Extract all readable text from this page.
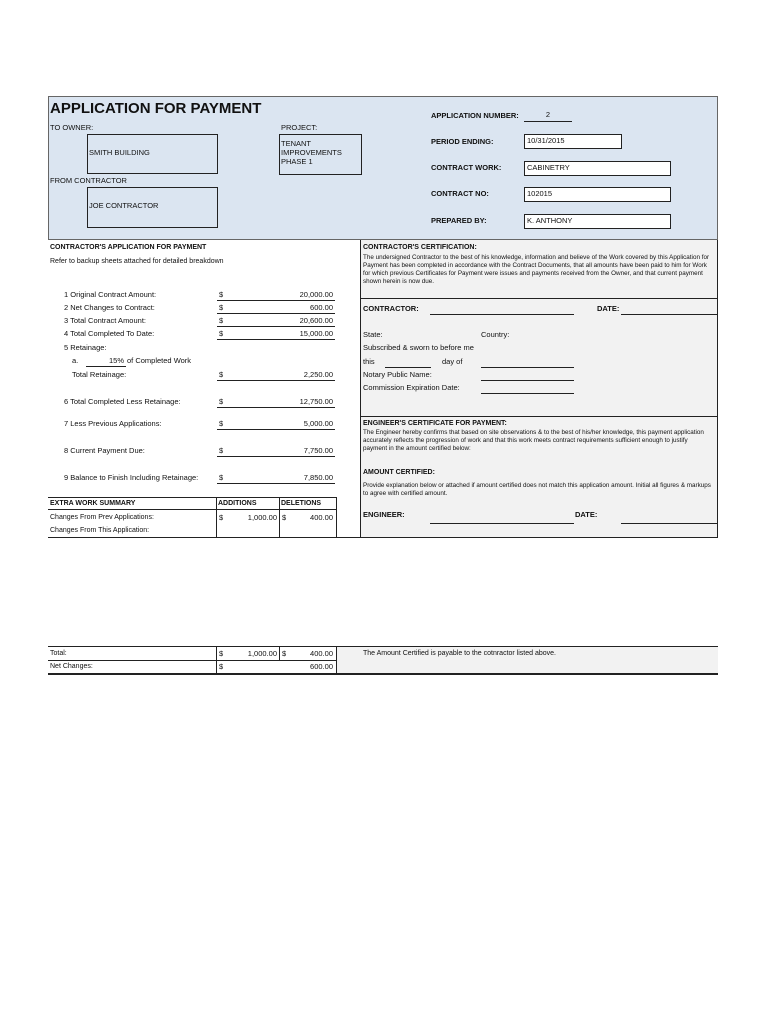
APPLICATION FOR PAYMENT
TO OWNER:
SMITH BUILDING
FROM CONTRACTOR
JOE CONTRACTOR
PROJECT:
TENANT
IMPROVEMENTS
PHASE 1
APPLICATION NUMBER:	2
PERIOD ENDING:	10/31/2015
CONTRACT WORK:	CABINETRY
CONTRACT NO:	102015
PREPARED BY:	K. ANTHONY
CONTRACTOR'S APPLICATION FOR PAYMENT
Refer to backup sheets attached for detailed breakdown
1 Original Contract Amount:	$	20,000.00
2 Net Changes to Contract:	$	600.00
3 Total Contract Amount:	$	20,600.00
4 Total Completed To Date:	$	15,000.00
5 Retainage:
a.	15% of Completed Work
Total Retainage:	$	2,250.00
6 Total Completed Less Retainage:	$	12,750.00
7 Less Previous Applications:	$	5,000.00
8 Current Payment Due:	$	7,750.00
9 Balance to Finish Including Retainage:	$	7,850.00
EXTRA WORK SUMMARY	ADDITIONS	DELETIONS
Changes From Prev Applications:	$	1,000.00 $	400.00
Changes From This Application:
CONTRACTOR'S CERTIFICATION:
The undersigned Contractor to the best of his knowledge, information and believe of the Work covered by this Application for Payment has been completed in accordance with the Contract Documents, that all amounts have been paid to him for Work for which previous Certificates for Payment were issues and payments received from the Owner, and that current payment shown herein is now due.
CONTRACTOR:	DATE:
State:	Country:
Subscribed & sworn to before me
this	day of
Notary Public Name:
Commission Expiration Date:
ENGINEER'S CERTIFICATE FOR PAYMENT:
The Engineer hereby confirms that based on site observations & to the best of his/her knowledge, this payment application accurately reflects the progression of work and that this work meets contract requirements sufficient enough to justify payment in the amount certified below:
AMOUNT CERTIFIED:
Provide explanation below or attached if amount certified does not match this application amount. Initial all figures & markups to agree with certified amount.
ENGINEER:	DATE:
Total:	$	1,000.00 $	400.00
Net Changes:	$	600.00
The Amount Certified is payable to the cotnractor listed above.
